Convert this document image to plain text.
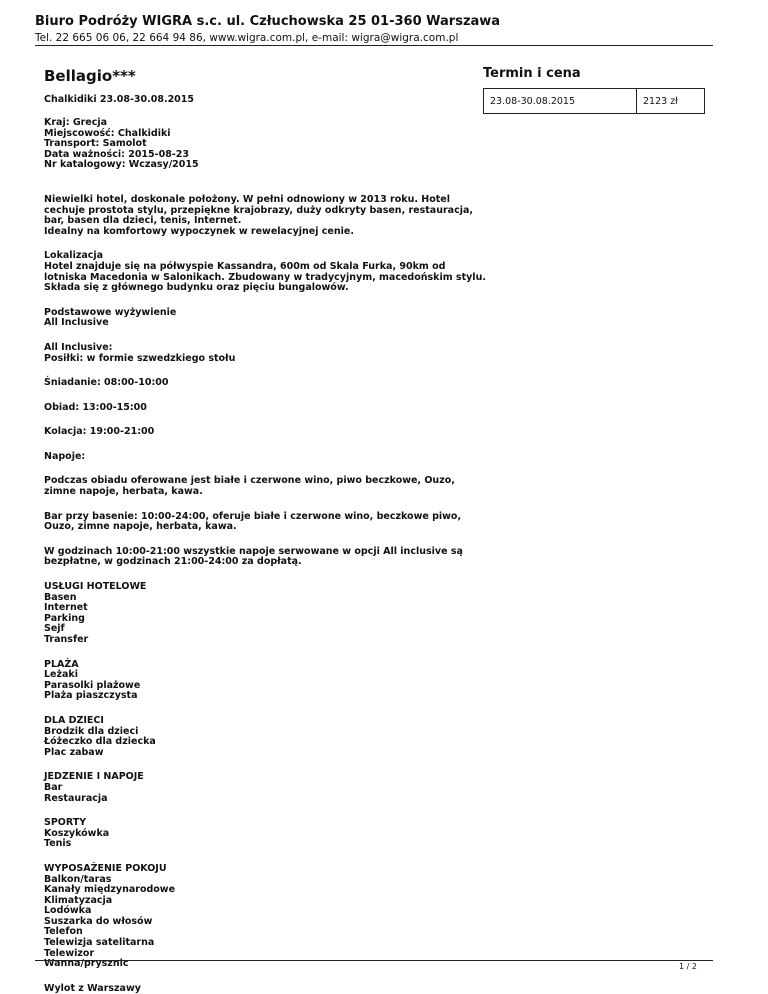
Biuro Podróży WIGRA s.c. ul. Człuchowska 25 01-360 Warszawa
Tel. 22 665 06 06, 22 664 94 86, www.wigra.com.pl, e-mail: wigra@wigra.com.pl
Bellagio***
Chalkidiki 23.08-30.08.2015
Kraj: Grecja
Miejscowość: Chalkidiki
Transport: Samolot
Data ważności: 2015-08-23
Nr katalogowy: Wczasy/2015
Niewielki hotel, doskonale położony. W pełni odnowiony w 2013 roku. Hotel
cechuje prostota stylu, przepiękne krajobrazy, duży odkryty basen, restauracja,
bar, basen dla dzieci, tenis, Internet.
Idealny na komfortowy wypoczynek w rewelacyjnej cenie.
Lokalizacja
Hotel znajduje się na półwyspie Kassandra, 600m od Skala Furka, 90km od
lotniska Macedonia w Salonikach. Zbudowany w tradycyjnym, macedońskim stylu.
Składa się z głównego budynku oraz pięciu bungalowów.
Podstawowe wyżywienie
All Inclusive
All Inclusive:
Posiłki: w formie szwedzkiego stołu
Śniadanie: 08:00-10:00
Obiad: 13:00-15:00
Kolacja: 19:00-21:00
Napoje:
Podczas obiadu oferowane jest białe i czerwone wino, piwo beczkowe, Ouzo,
zimne napoje, herbata, kawa.
Bar przy basenie: 10:00-24:00, oferuje białe i czerwone wino, beczkowe piwo,
Ouzo, zimne napoje, herbata, kawa.
W godzinach 10:00-21:00 wszystkie napoje serwowane w opcji All inclusive są
bezpłatne, w godzinach 21:00-24:00 za dopłatą.
USŁUGI HOTELOWE
Basen
Internet
Parking
Sejf
Transfer
PLAŻA
Leżaki
Parasolki plażowe
Plaża piaszczysta
DLA DZIECI
Brodzik dla dzieci
Łóżeczko dla dziecka
Plac zabaw
JEDZENIE I NAPOJE
Bar
Restauracja
SPORTY
Koszykówka
Tenis
WYPOSAŻENIE POKOJU
Balkon/taras
Kanały międzynarodowe
Klimatyzacja
Lodówka
Suszarka do włosów
Telefon
Telewizja satelitarna
Telewizor
Wanna/prysznic
Wylot z Warszawy
Termin i cena
23.08-30.08.2015	2123 zł
1 / 2
